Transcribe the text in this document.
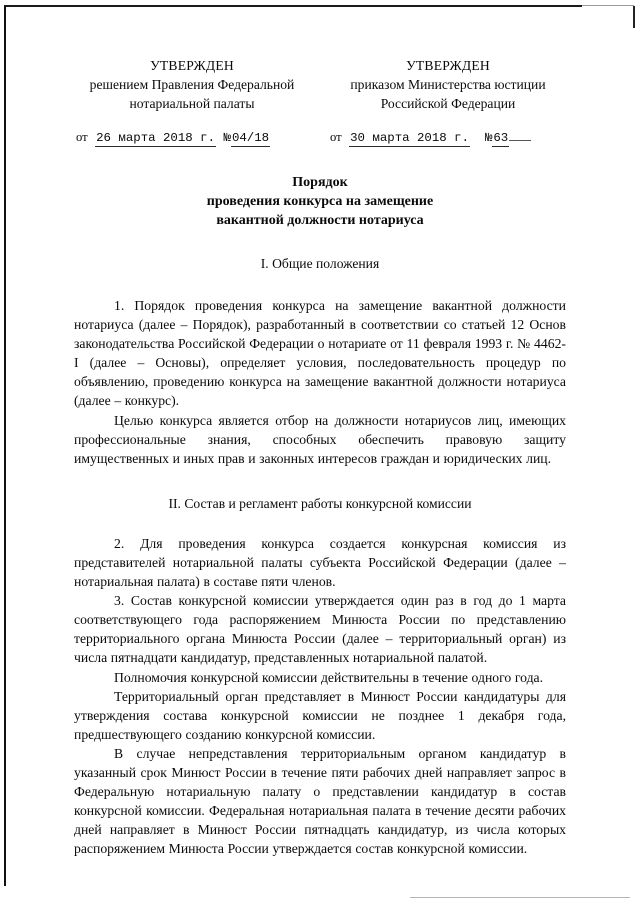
УТВЕРЖДЕН
решением Правления Федеральной
нотариальной палаты
УТВЕРЖДЕН
приказом Министерства юстиции
Российской Федерации
от 26 марта 2018 г. №04/18	от 30 марта 2018 г. №63
Порядок
проведения конкурса на замещение
вакантной должности нотариуса
I. Общие положения

1. Порядок проведения конкурса на замещение вакантной должности нотариуса (далее – Порядок), разработанный в соответствии со статьей 12 Основ законодательства Российской Федерации о нотариате от 11 февраля 1993 г. № 4462-I (далее – Основы), определяет условия, последовательность процедур по объявлению, проведению конкурса на замещение вакантной должности нотариуса (далее – конкурс).

Целью конкурса является отбор на должности нотариусов лиц, имеющих профессиональные знания, способных обеспечить правовую защиту имущественных и иных прав и законных интересов граждан и юридических лиц.

II. Состав и регламент работы конкурсной комиссии

2. Для проведения конкурса создается конкурсная комиссия из представителей нотариальной палаты субъекта Российской Федерации (далее – нотариальная палата) в составе пяти членов.

3. Состав конкурсной комиссии утверждается один раз в год до 1 марта соответствующего года распоряжением Минюста России по представлению территориального органа Минюста России (далее – территориальный орган) из числа пятнадцати кандидатур, представленных нотариальной палатой.

Полномочия конкурсной комиссии действительны в течение одного года.

Территориальный орган представляет в Минюст России кандидатуры для утверждения состава конкурсной комиссии не позднее 1 декабря года, предшествующего созданию конкурсной комиссии.

В случае непредставления территориальным органом кандидатур в указанный срок Минюст России в течение пяти рабочих дней направляет запрос в Федеральную нотариальную палату о представлении кандидатур в состав конкурсной комиссии. Федеральная нотариальная палата в течение десяти рабочих дней направляет в Минюст России пятнадцать кандидатур, из числа которых распоряжением Минюста России утверждается состав конкурсной комиссии.
